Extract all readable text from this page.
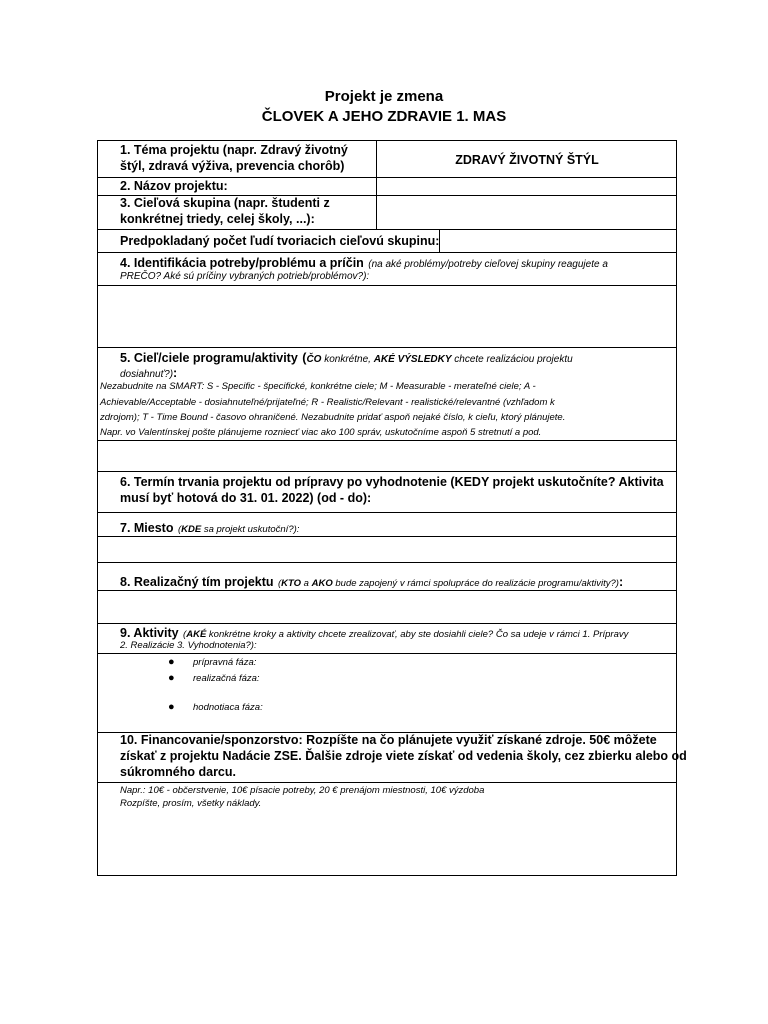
Projekt je zmena
ČLOVEK A JEHO ZDRAVIE 1. MAS
1. Téma projektu (napr. Zdravý životný
štýl, zdravá výživa, prevencia chorôb)	ZDRAVÝ ŽIVOTNÝ ŠTÝL
2. Názov projektu:
3. Cieľová skupina (napr. študenti z
konkrétnej triedy, celej školy, ...):
Predpokladaný počet ľudí tvoriacich cieľovú skupinu:
4. Identifikácia potreby/problému a príčin (na aké problémy/potreby cieľovej skupiny reagujete a
PREČO? Aké sú príčiny vybraných potrieb/problémov?):
5. Cieľ/ciele programu/aktivity (ČO konkrétne, AKÉ VÝSLEDKY chcete realizáciou projektu
dosiahnuť?):
Nezabudnite na SMART: S - Specific - špecifické, konkrétne ciele; M - Measurable - merateľné ciele; A -
Achievable/Acceptable - dosiahnuteľné/prijateľné; R - Realistic/Relevant - realistické/relevantné (vzhľadom k
zdrojom); T - Time Bound - časovo ohraničené. Nezabudnite pridať aspoň nejaké číslo, k cieľu, ktorý plánujete.
Napr. vo Valentínskej pošte plánujeme roznieсť viac ako 100 správ, uskutočníme aspoň 5 stretnutí a pod.
6. Termín trvania projektu od prípravy po vyhodnotenie (KEDY projekt uskutočníte? Aktivita
musí byť hotová do 31. 01. 2022) (od - do):
7. Miesto (KDE sa projekt uskutoční?):
8. Realizačný tím projektu (KTO a AKO bude zapojený v rámci spolupráce do realizácie programu/aktivity?):
9. Aktivity (AKÉ konkrétne kroky a aktivity chcete zrealizovať, aby ste dosiahli ciele? Čo sa udeje v rámci 1. Prípravy
2. Realizácie 3. Vyhodnotenia?):
● prípravná fáza:
● realizačná fáza:
● hodnotiaca fáza:
10. Financovanie/sponzorstvo: Rozpíšte na čo plánujete využiť získané zdroje. 50€ môžete
získať z projektu Nadácie ZSE. Ďalšie zdroje viete získať od vedenia školy, cez zbierku alebo od
súkromného darcu.
Napr.: 10€ - občerstvenie, 10€ písacie potreby, 20 € prenájom miestnosti, 10€ výzdoba
Rozpíšte, prosím, všetky náklady.
